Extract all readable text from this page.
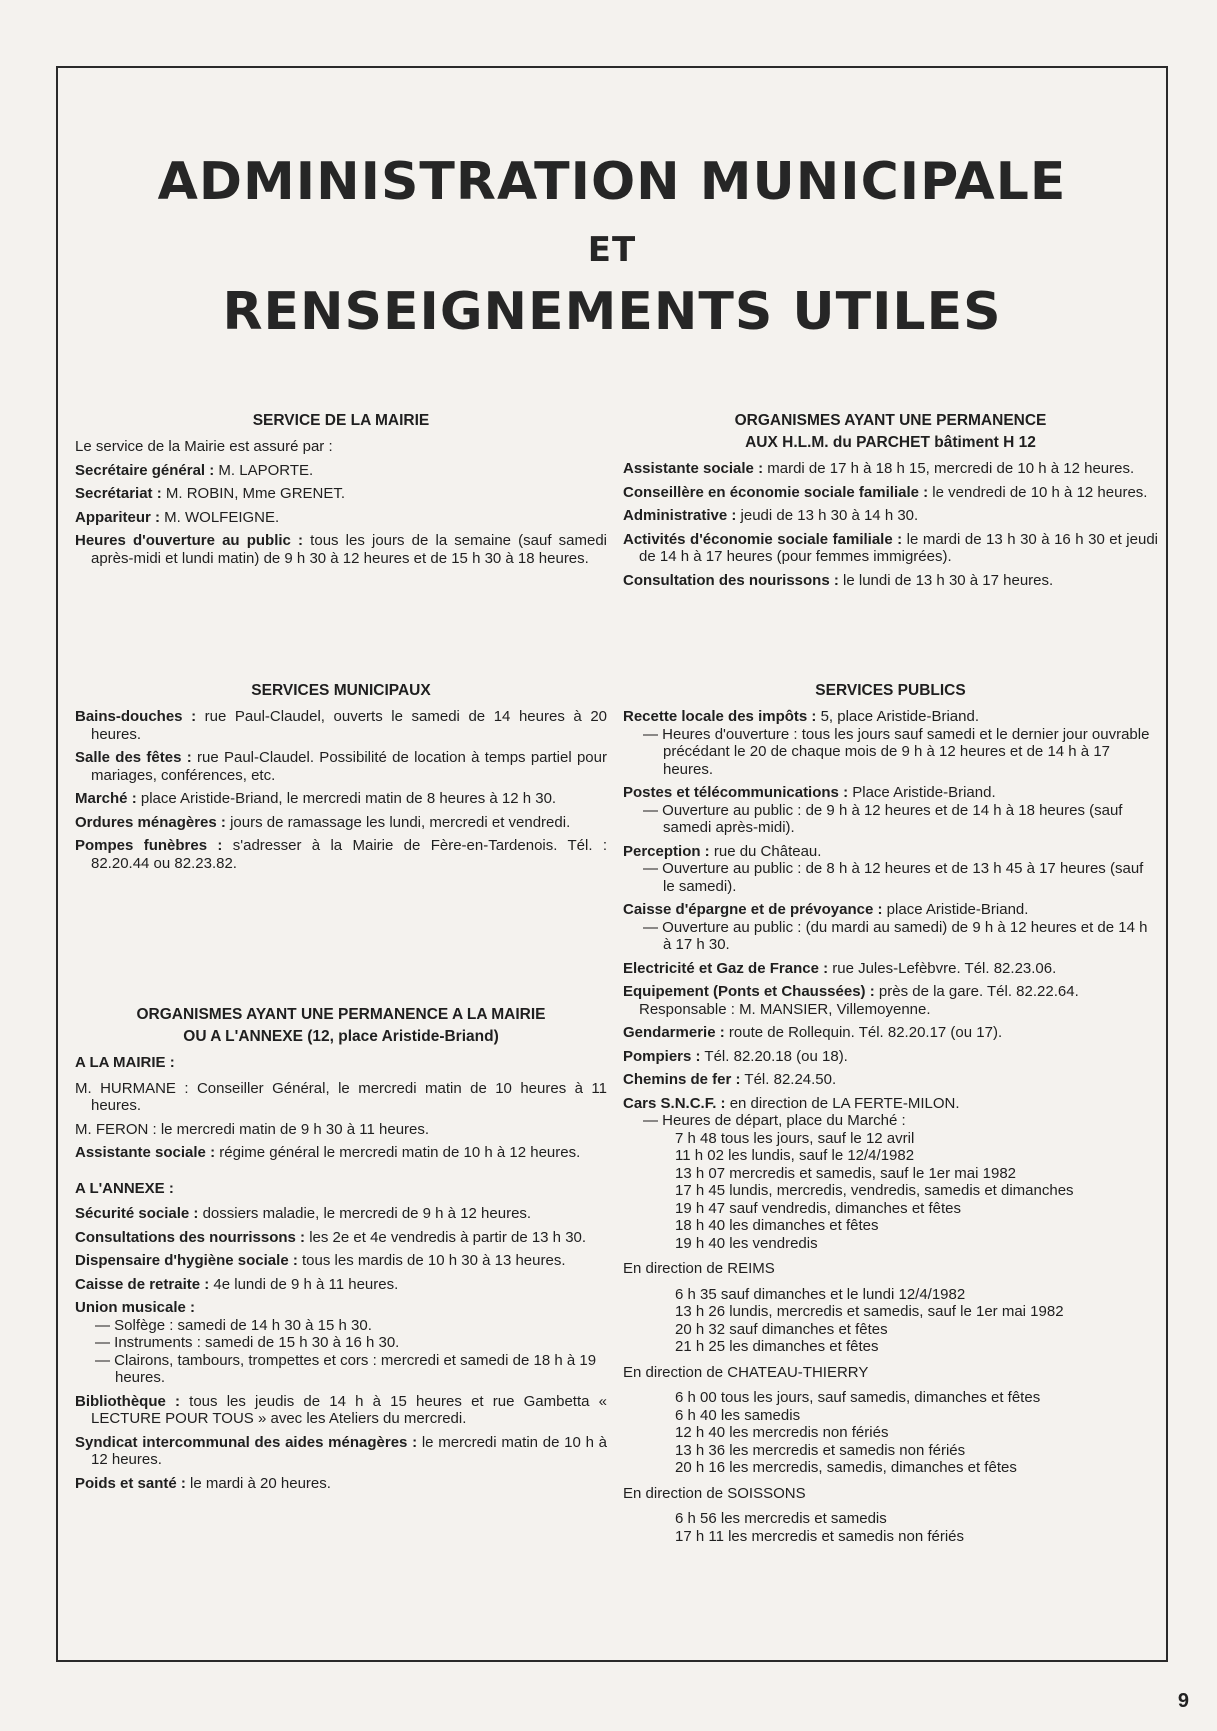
ADMINISTRATION MUNICIPALE
ET
RENSEIGNEMENTS UTILES
SERVICE DE LA MAIRIE
Le service de la Mairie est assuré par :
Secrétaire général : M. LAPORTE.
Secrétariat : M. ROBIN, Mme GRENET.
Appariteur : M. WOLFEIGNE.
Heures d'ouverture au public : tous les jours de la semaine (sauf samedi après-midi et lundi matin) de 9 h 30 à 12 heures et de 15 h 30 à 18 heures.
SERVICES MUNICIPAUX
Bains-douches : rue Paul-Claudel, ouverts le samedi de 14 heures à 20 heures.
Salle des fêtes : rue Paul-Claudel. Possibilité de location à temps partiel pour mariages, conférences, etc.
Marché : place Aristide-Briand, le mercredi matin de 8 heures à 12 h 30.
Ordures ménagères : jours de ramassage les lundi, mercredi et vendredi.
Pompes funèbres : s'adresser à la Mairie de Fère-en-Tardenois. Tél. : 82.20.44 ou 82.23.82.
ORGANISMES AYANT UNE PERMANENCE A LA MAIRIE
OU A L'ANNEXE (12, place Aristide-Briand)
A LA MAIRIE :
M. HURMANE : Conseiller Général, le mercredi matin de 10 heures à 11 heures.
M. FERON : le mercredi matin de 9 h 30 à 11 heures.
Assistante sociale : régime général le mercredi matin de 10 h à 12 heures.
A L'ANNEXE :
Sécurité sociale : dossiers maladie, le mercredi de 9 h à 12 heures.
Consultations des nourrissons : les 2e et 4e vendredis à partir de 13 h 30.
Dispensaire d'hygiène sociale : tous les mardis de 10 h 30 à 13 heures.
Caisse de retraite : 4e lundi de 9 h à 11 heures.
Union musicale :
— Solfège : samedi de 14 h 30 à 15 h 30.
— Instruments : samedi de 15 h 30 à 16 h 30.
— Clairons, tambours, trompettes et cors : mercredi et samedi de 18 h à 19 heures.
Bibliothèque : tous les jeudis de 14 h à 15 heures et rue Gambetta « LECTURE POUR TOUS » avec les Ateliers du mercredi.
Syndicat intercommunal des aides ménagères : le mercredi matin de 10 h à 12 heures.
Poids et santé : le mardi à 20 heures.
ORGANISMES AYANT UNE PERMANENCE
AUX H.L.M. du PARCHET bâtiment H 12
Assistante sociale : mardi de 17 h à 18 h 15, mercredi de 10 h à 12 heures.
Conseillère en économie sociale familiale : le vendredi de 10 h à 12 heures.
Administrative : jeudi de 13 h 30 à 14 h 30.
Activités d'économie sociale familiale : le mardi de 13 h 30 à 16 h 30 et jeudi de 14 h à 17 heures (pour femmes immigrées).
Consultation des nourissons : le lundi de 13 h 30 à 17 heures.
SERVICES PUBLICS
Recette locale des impôts : 5, place Aristide-Briand.
— Heures d'ouverture : tous les jours sauf samedi et le dernier jour ouvrable précédant le 20 de chaque mois de 9 h à 12 heures et de 14 h à 17 heures.
Postes et télécommunications : Place Aristide-Briand.
— Ouverture au public : de 9 h à 12 heures et de 14 h à 18 heures (sauf samedi après-midi).
Perception : rue du Château.
— Ouverture au public : de 8 h à 12 heures et de 13 h 45 à 17 heures (sauf le samedi).
Caisse d'épargne et de prévoyance : place Aristide-Briand.
— Ouverture au public : (du mardi au samedi) de 9 h à 12 heures et de 14 h à 17 h 30.
Electricité et Gaz de France : rue Jules-Lefèbvre. Tél. 82.23.06.
Equipement (Ponts et Chaussées) : près de la gare. Tél. 82.22.64.
Responsable : M. MANSIER, Villemoyenne.
Gendarmerie : route de Rollequin. Tél. 82.20.17 (ou 17).
Pompiers : Tél. 82.20.18 (ou 18).
Chemins de fer : Tél. 82.24.50.
Cars S.N.C.F. : en direction de LA FERTE-MILON.
— Heures de départ, place du Marché :
7 h 48 tous les jours, sauf le 12 avril
11 h 02 les lundis, sauf le 12/4/1982
13 h 07 mercredis et samedis, sauf le 1er mai 1982
17 h 45 lundis, mercredis, vendredis, samedis et dimanches
19 h 47 sauf vendredis, dimanches et fêtes
18 h 40 les dimanches et fêtes
19 h 40 les vendredis
En direction de REIMS
6 h 35 sauf dimanches et le lundi 12/4/1982
13 h 26 lundis, mercredis et samedis, sauf le 1er mai 1982
20 h 32 sauf dimanches et fêtes
21 h 25 les dimanches et fêtes
En direction de CHATEAU-THIERRY
6 h 00 tous les jours, sauf samedis, dimanches et fêtes
6 h 40 les samedis
12 h 40 les mercredis non fériés
13 h 36 les mercredis et samedis non fériés
20 h 16 les mercredis, samedis, dimanches et fêtes
En direction de SOISSONS
6 h 56 les mercredis et samedis
17 h 11 les mercredis et samedis non fériés
9
